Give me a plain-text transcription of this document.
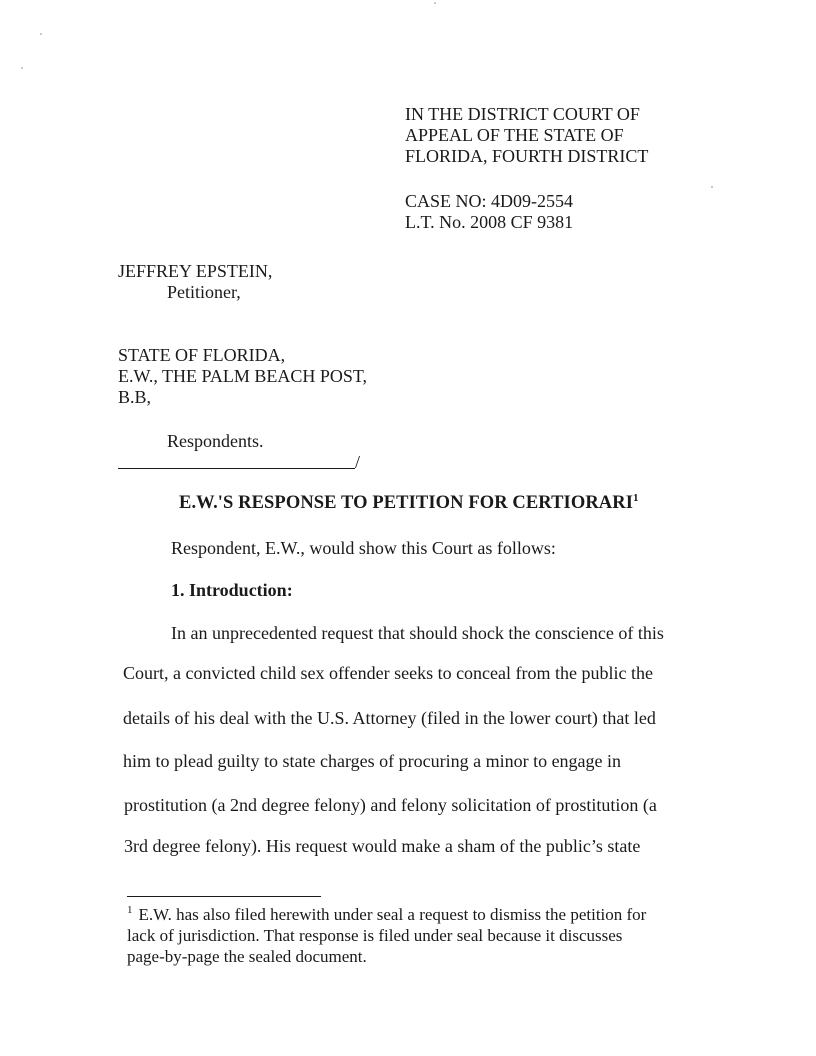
IN THE DISTRICT COURT OF
APPEAL OF THE STATE OF
FLORIDA, FOURTH DISTRICT
CASE NO: 4D09-2554
L.T. No. 2008 CF 9381
JEFFREY EPSTEIN,
Petitioner,
STATE OF FLORIDA,
E.W., THE PALM BEACH POST,
B.B,
Respondents.
/
E.W.'S RESPONSE TO PETITION FOR CERTIORARI$^1$
Respondent, E.W., would show this Court as follows:
1. Introduction:
In an unprecedented request that should shock the conscience of this
Court, a convicted child sex offender seeks to conceal from the public the
details of his deal with the U.S. Attorney (filed in the lower court) that led
him to plead guilty to state charges of procuring a minor to engage in
prostitution (a 2nd degree felony) and felony solicitation of prostitution (a
3rd degree felony). His request would make a sham of the public’s state
$^1$ E.W. has also filed herewith under seal a request to dismiss the petition for
lack of jurisdiction. That response is filed under seal because it discusses
page-by-page the sealed document.
